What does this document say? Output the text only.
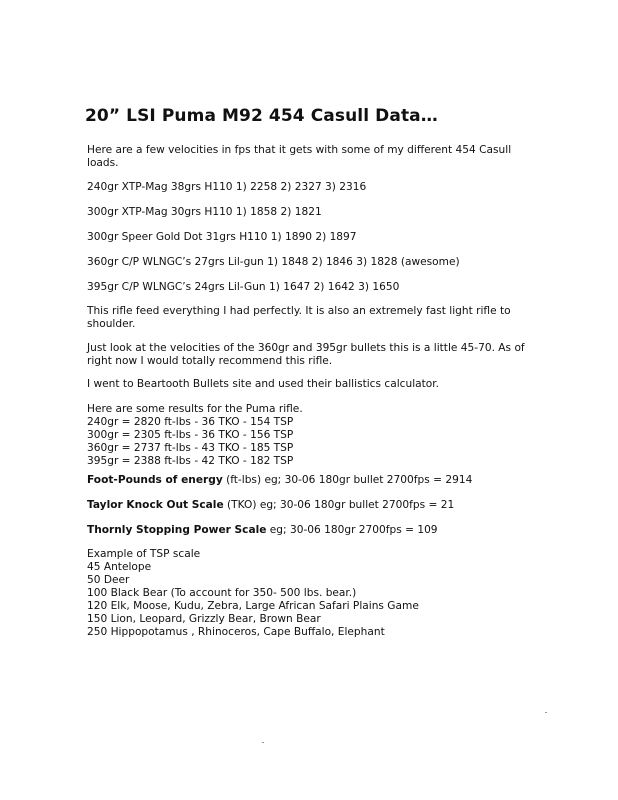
20” LSI Puma M92 454 Casull Data…

Here are a few velocities in fps that it gets with some of my different 454 Casull loads.

240gr XTP-Mag 38grs H110 1) 2258 2) 2327 3) 2316
300gr XTP-Mag 30grs H110 1) 1858 2) 1821
300gr Speer Gold Dot 31grs H110 1) 1890 2) 1897
360gr C/P WLNGC’s 27grs Lil-gun 1) 1848 2) 1846 3) 1828 (awesome)
395gr C/P WLNGC’s 24grs Lil-Gun 1) 1647 2) 1642 3) 1650

This rifle feed everything I had perfectly. It is also an extremely fast light rifle to shoulder.

Just look at the velocities of the 360gr and 395gr bullets this is a little 45-70. As of right now I would totally recommend this rifle.

I went to Beartooth Bullets site and used their ballistics calculator.

Here are some results for the Puma rifle.
240gr = 2820 ft-lbs - 36 TKO - 154 TSP
300gr = 2305 ft-lbs - 36 TKO - 156 TSP
360gr = 2737 ft-lbs - 43 TKO - 185 TSP
395gr = 2388 ft-lbs - 42 TKO - 182 TSP
Foot-Pounds of energy (ft-lbs) eg; 30-06 180gr bullet 2700fps = 2914
Taylor Knock Out Scale (TKO) eg; 30-06 180gr bullet 2700fps = 21
Thornly Stopping Power Scale eg; 30-06 180gr 2700fps = 109
Example of TSP scale
45 Antelope
50 Deer
100 Black Bear (To account for 350- 500 lbs. bear.)
120 Elk, Moose, Kudu, Zebra, Large African Safari Plains Game
150 Lion, Leopard, Grizzly Bear, Brown Bear
250 Hippopotamus , Rhinoceros, Cape Buffalo, Elephant
